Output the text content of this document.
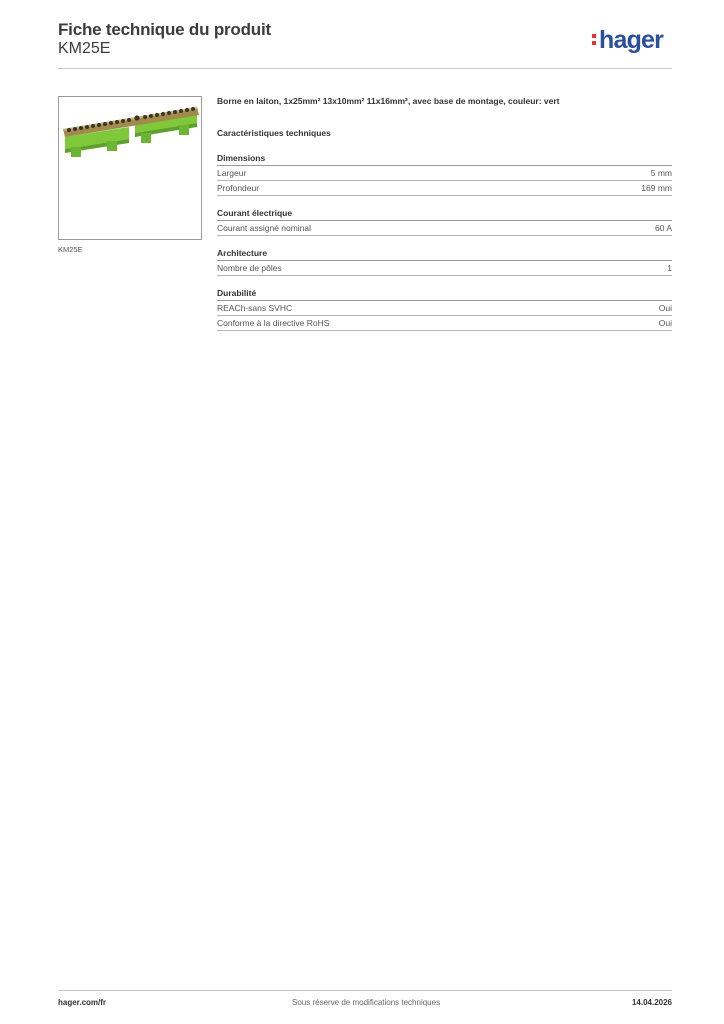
Fiche technique du produit
KM25E	hager
KM25E

Borne en laiton, 1x25mm² 13x10mm² 11x16mm², avec base de montage, couleur: vert

Caractéristiques techniques

Dimensions
Largeur	5 mm
Profondeur	169 mm
Courant électrique
Courant assigné nominal	60 A
Architecture
Nombre de pôles	1
Durabilité
REACh-sans SVHC	Oui
Conforme à la directive RoHS	Oui
hager.com/fr	Sous réserve de modifications techniques	14.04.2026
